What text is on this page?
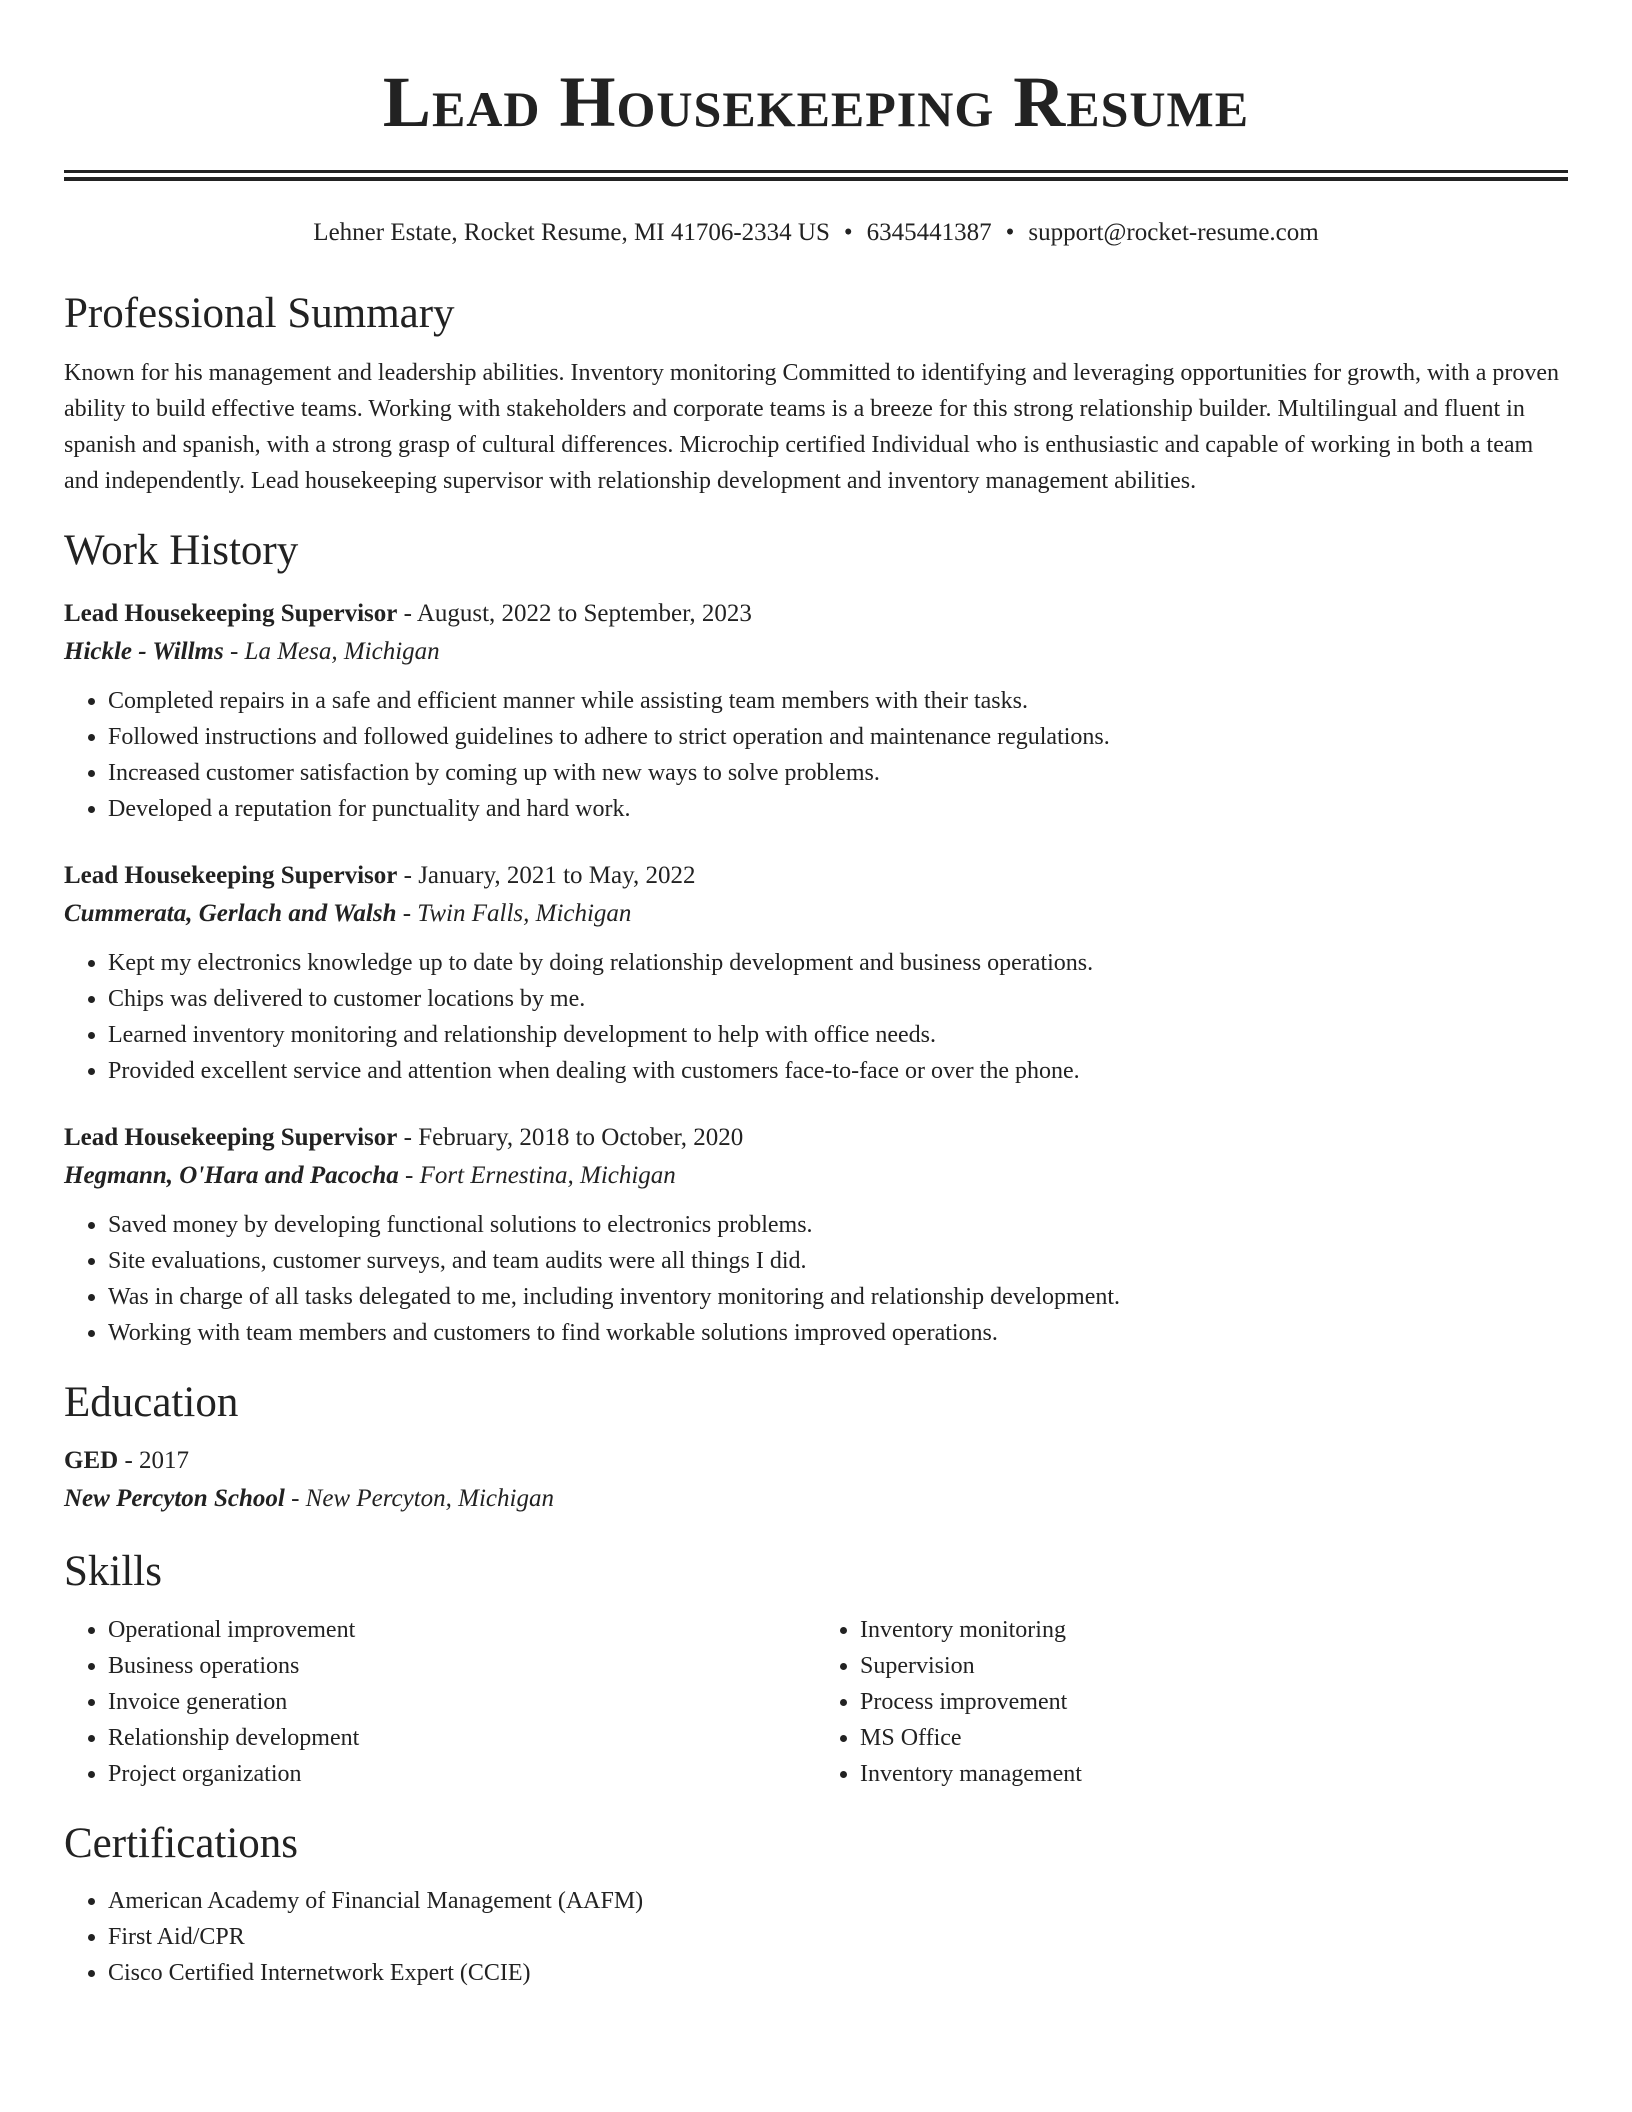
Lead Housekeeping Resume
Lehner Estate, Rocket Resume, MI 41706-2334 US • 6345441387 • support@rocket-resume.com
Professional Summary
Known for his management and leadership abilities. Inventory monitoring Committed to identifying and leveraging opportunities for growth, with a proven ability to build effective teams. Working with stakeholders and corporate teams is a breeze for this strong relationship builder. Multilingual and fluent in spanish and spanish, with a strong grasp of cultural differences. Microchip certified Individual who is enthusiastic and capable of working in both a team and independently. Lead housekeeping supervisor with relationship development and inventory management abilities.
Work History
Lead Housekeeping Supervisor - August, 2022 to September, 2023
Hickle - Willms - La Mesa, Michigan
• Completed repairs in a safe and efficient manner while assisting team members with their tasks.
• Followed instructions and followed guidelines to adhere to strict operation and maintenance regulations.
• Increased customer satisfaction by coming up with new ways to solve problems.
• Developed a reputation for punctuality and hard work.
Lead Housekeeping Supervisor - January, 2021 to May, 2022
Cummerata, Gerlach and Walsh - Twin Falls, Michigan
• Kept my electronics knowledge up to date by doing relationship development and business operations.
• Chips was delivered to customer locations by me.
• Learned inventory monitoring and relationship development to help with office needs.
• Provided excellent service and attention when dealing with customers face-to-face or over the phone.
Lead Housekeeping Supervisor - February, 2018 to October, 2020
Hegmann, O'Hara and Pacocha - Fort Ernestina, Michigan
• Saved money by developing functional solutions to electronics problems.
• Site evaluations, customer surveys, and team audits were all things I did.
• Was in charge of all tasks delegated to me, including inventory monitoring and relationship development.
• Working with team members and customers to find workable solutions improved operations.
Education
GED - 2017
New Percyton School - New Percyton, Michigan
Skills
• Operational improvement
• Business operations
• Invoice generation
• Relationship development
• Project organization
• Inventory monitoring
• Supervision
• Process improvement
• MS Office
• Inventory management
Certifications
• American Academy of Financial Management (AAFM)
• First Aid/CPR
• Cisco Certified Internetwork Expert (CCIE)
